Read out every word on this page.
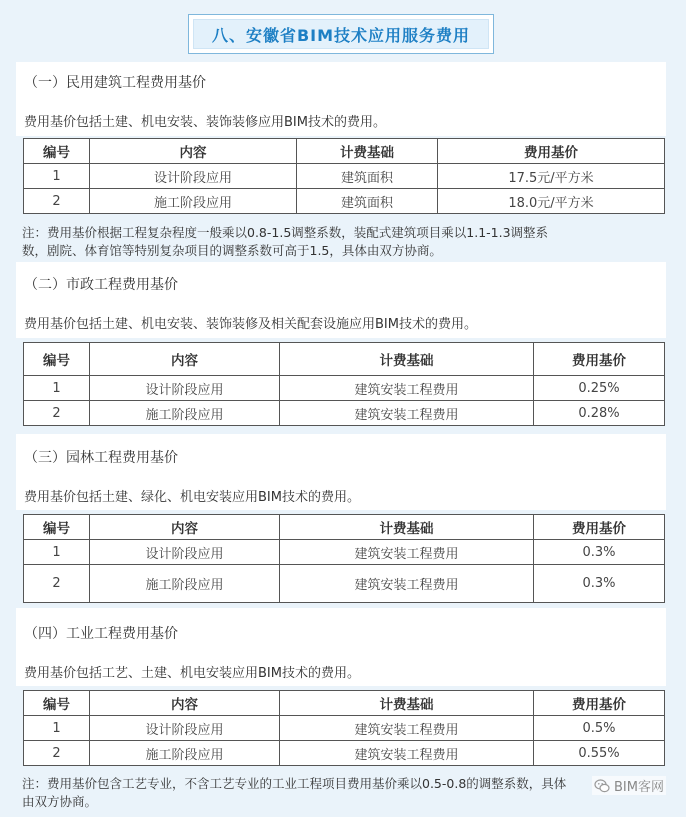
八、安徽省BIM技术应用服务费用
（一）民用建筑工程费用基价
费用基价包括土建、机电安装、装饰装修应用BIM技术的费用。
编号	内容	计费基础	费用基价
1	设计阶段应用	建筑面积	17.5元/平方米
2	施工阶段应用	建筑面积	18.0元/平方米
注：费用基价根据工程复杂程度一般乘以0.8-1.5调整系数，装配式建筑项目乘以1.1-1.3调整系
数，剧院、体育馆等特别复杂项目的调整系数可高于1.5，具体由双方协商。
（二）市政工程费用基价
费用基价包括土建、机电安装、装饰装修及相关配套设施应用BIM技术的费用。
编号	内容	计费基础	费用基价
1	设计阶段应用	建筑安装工程费用	0.25%
2	施工阶段应用	建筑安装工程费用	0.28%
（三）园林工程费用基价
费用基价包括土建、绿化、机电安装应用BIM技术的费用。
编号	内容	计费基础	费用基价
1	设计阶段应用	建筑安装工程费用	0.3%
2	施工阶段应用	建筑安装工程费用	0.3%
（四）工业工程费用基价
费用基价包括工艺、土建、机电安装应用BIM技术的费用。
编号	内容	计费基础	费用基价
1	设计阶段应用	建筑安装工程费用	0.5%
2	施工阶段应用	建筑安装工程费用	0.55%
注：费用基价包含工艺专业，不含工艺专业的工业工程项目费用基价乘以0.5-0.8的调整系数，具体
由双方协商。
BIM客网
